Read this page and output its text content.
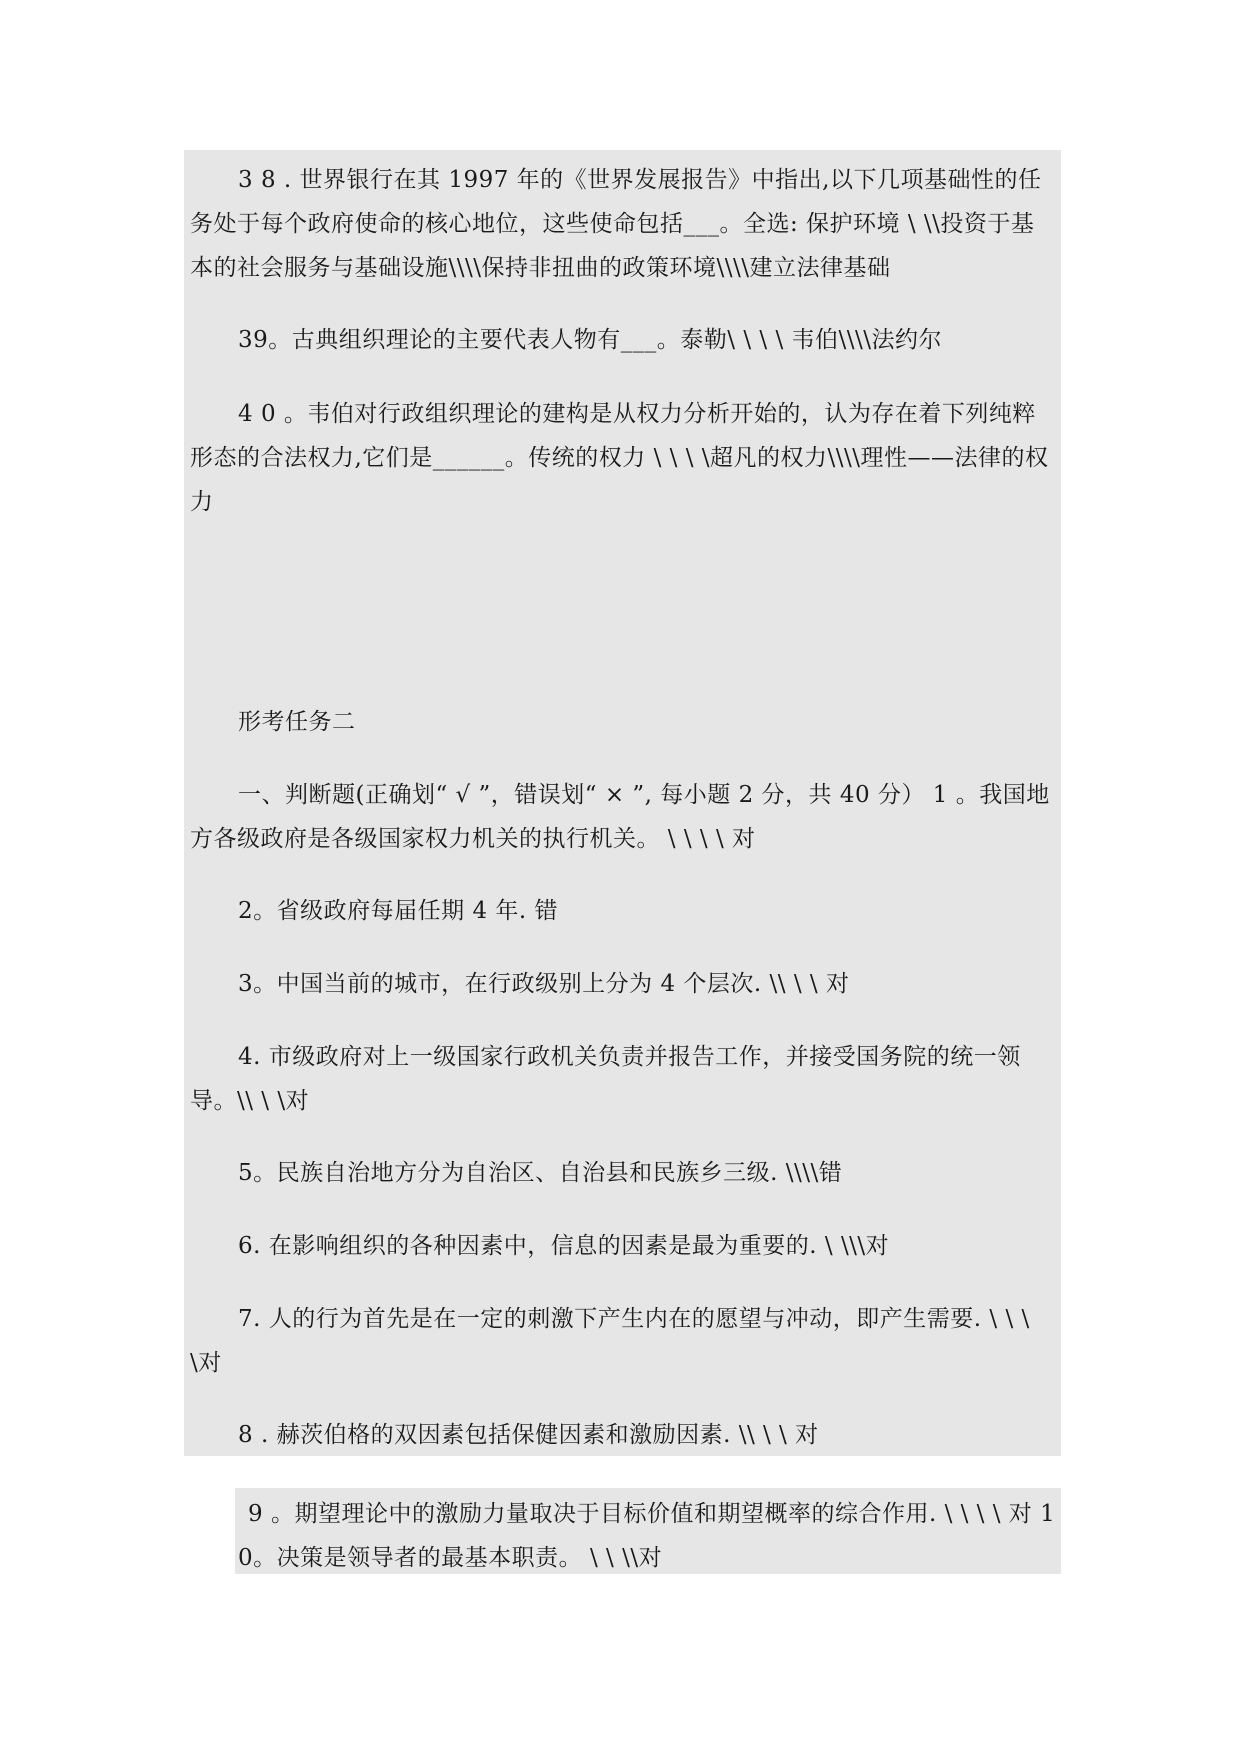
3 8 . 世界银行在其 1997 年的《世界发展报告》中指出,以下几项基础性的任务处于每个政府使命的核心地位，这些使命包括___。全选: 保护环境 \ \\投资于基本的社会服务与基础设施\\\\保持非扭曲的政策环境\\\\建立法律基础

39。古典组织理论的主要代表人物有___。泰勒\ \ \ \ 韦伯\\\\法约尔

4 0 。韦伯对行政组织理论的建构是从权力分析开始的，认为存在着下列纯粹形态的合法权力,它们是______。传统的权力 \ \ \ \超凡的权力\\\\理性——法律的权力

形考任务二

一、判断题(正确划“ √ ”，错误划“ × ”, 每小题 2 分，共 40 分） 1 。我国地方各级政府是各级国家权力机关的执行机关。 \ \ \ \ 对

2。省级政府每届任期 4 年. 错

3。中国当前的城市，在行政级别上分为 4 个层次. \\ \ \ 对

4. 市级政府对上一级国家行政机关负责并报告工作，并接受国务院的统一领导。\\ \ \对

5。民族自治地方分为自治区、自治县和民族乡三级. \\\\错

6. 在影响组织的各种因素中，信息的因素是最为重要的. \ \\\对

7. 人的行为首先是在一定的刺激下产生内在的愿望与冲动，即产生需要. \ \ \ \对

8 . 赫茨伯格的双因素包括保健因素和激励因素. \\ \ \ 对

9 。期望理论中的激励力量取决于目标价值和期望概率的综合作用. \ \ \ \ 对 1 0。决策是领导者的最基本职责。 \ \ \\对
